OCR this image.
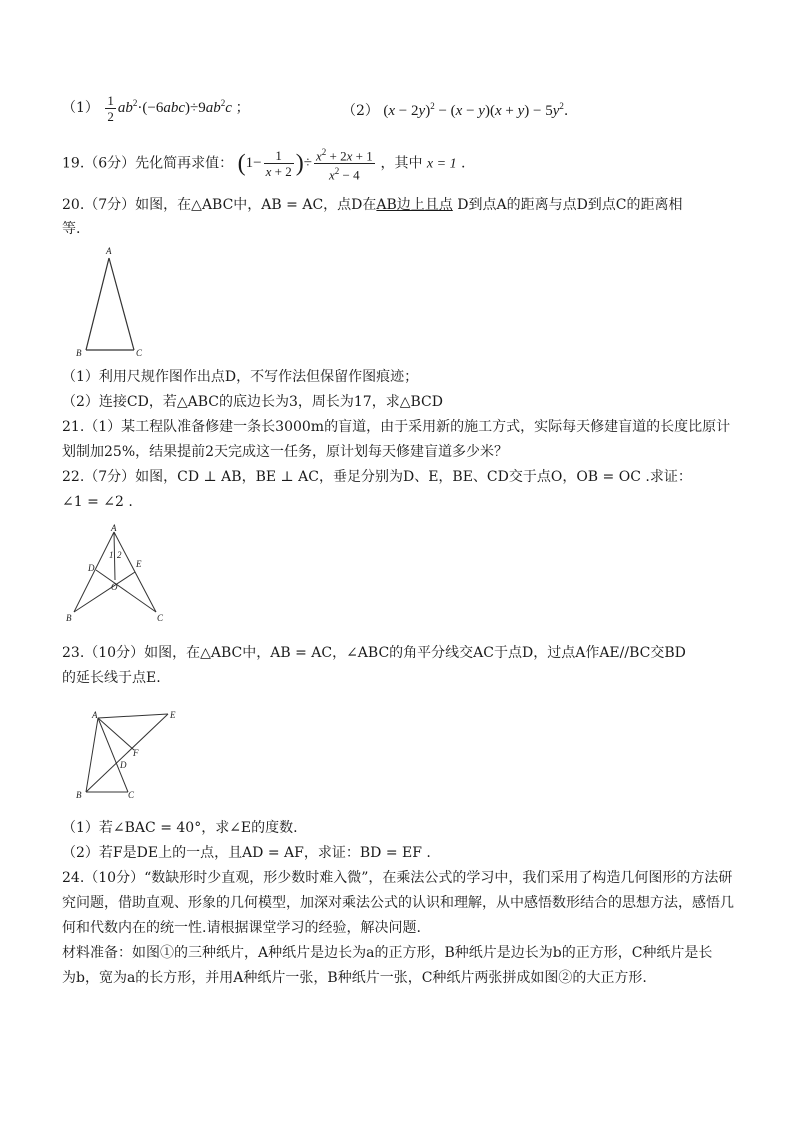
$(1) \frac{1}{2} ab^2\cdot(-6abc)\div 9ab^2c$ ；	（2） $(x - 2y)^2 - (x - y)(x + y) - 5y^2$.
19.（6分）先化简再求值： ($1- \frac{1}{x + 2}$ )÷ $\frac{x^2 + 2x + 1}{x^2 - 4}$ ，其中 x = 1 .
20.（7分）如图，在△ABC中，AB = AC，点D在AB边上且点 D到点A的距离与点D到点C的距离相
等.
A
B	C
（1）利用尺规作图作出点D，不写作法但保留作图痕迹；
（2）连接CD，若△ABC的底边长为3，周长为17，求△BCD
21.（1）某工程队准备修建一条长3000m的盲道，由于采用新的施工方式，实际每天修建盲道的长度比原计
划制加25%，结果提前2天完成这一任务，原计划每天修建盲道多少米？
22.（7分）如图，CD ⊥ AB，BE ⊥ AC，垂足分别为D、E，BE、CD交于点O，OB = OC .求证：
∠1 = ∠2 .
A
B	C
D	E
O
1 2
23.（10分）如图，在△ABC中，AB = AC，∠ABC的角平分线交AC于点D，过点A作AE//BC交BD
的延长线于点E.
A	E
F
D
B	C
（1）若∠BAC = 40°，求∠E的度数.
（2）若F是DE上的一点，且AD = AF，求证：BD = EF .
24.（10分）“数缺形时少直观，形少数时难入微”，在乘法公式的学习中，我们采用了构造几何图形的方法研
究问题，借助直观、形象的几何模型，加深对乘法公式的认识和理解，从中感悟数形结合的思想方法，感悟几
何和代数内在的统一性.请根据课堂学习的经验，解决问题.
材料准备：如图①的三种纸片，A种纸片是边长为a的正方形，B种纸片是边长为b的正方形，C种纸片是长
为b，宽为a的长方形，并用A种纸片一张，B种纸片一张，C种纸片两张拼成如图②的大正方形.
